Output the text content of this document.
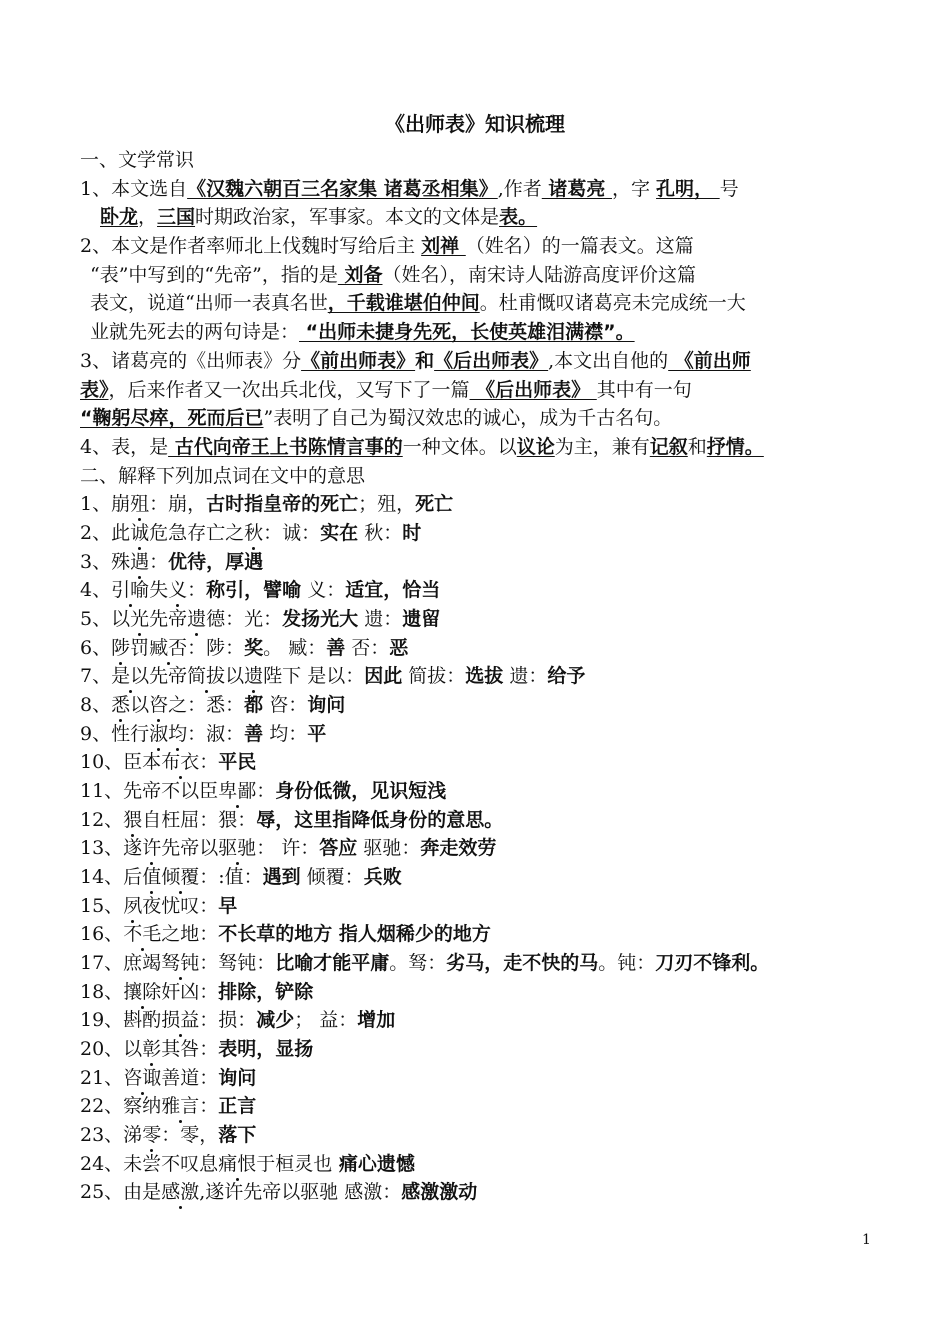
《出师表》知识梳理
一、文学常识
1、本文选自《汉魏六朝百三名家集 诸葛丞相集》,作者 诸葛亮 ，字 孔明， 号
卧龙，三国时期政治家，军事家。本文的文体是表。
2、本文是作者率师北上伐魏时写给后主 刘禅 （姓名）的一篇表文。这篇
“表”中写到的“先帝”，指的是 刘备（姓名），南宋诗人陆游高度评价这篇
表文，说道“出师一表真名世，千载谁堪伯仲间。杜甫慨叹诸葛亮未完成统一大
业就先死去的两句诗是： “出师未捷身先死，长使英雄泪满襟”。
3、诸葛亮的《出师表》分《前出师表》和《后出师表》,本文出自他的 《前出师
表》，后来作者又一次出兵北伐，又写下了一篇 《后出师表》 其中有一句
“鞠躬尽瘁，死而后已”表明了自己为蜀汉效忠的诚心，成为千古名句。
4、表，是 古代向帝王上书陈情言事的一种文体。以议论为主，兼有记叙和抒情。
二、解释下列加点词在文中的意思
1、崩殂：崩，古时指皇帝的死亡；殂，死亡
2、此诚危急存亡之秋：诚：实在 秋：时
3、殊遇：优待，厚遇
4、引喻失义：称引，譬喻 义：适宜，恰当
5、以光先帝遗德：光：发扬光大 遗：遗留
6、陟罚臧否：陟：奖。 臧：善 否：恶
7、是以先帝简拔以遗陛下 是以：因此 简拔：选拔 遗：给予
8、悉以咨之：悉：都 咨：询问
9、性行淑均：淑：善 均：平
10、臣本布衣：平民
11、先帝不以臣卑鄙：身份低微，见识短浅
12、猥自枉屈：猥：辱，这里指降低身份的意思。
13、遂许先帝以驱驰： 许：答应 驱驰：奔走效劳
14、后值倾覆：:值：遇到 倾覆：兵败
15、夙夜忧叹：早
16、不毛之地：不长草的地方 指人烟稀少的地方
17、庶竭驽钝：驽钝：比喻才能平庸。驽：劣马，走不快的马。钝：刀刃不锋利。
18、攘除奸凶：排除，铲除
19、斟酌损益：损：减少； 益：增加
20、以彰其咎：表明，显扬
21、咨诹善道：询问
22、察纳雅言：正言
23、涕零：零，落下
24、未尝不叹息痛恨于桓灵也 痛心遗憾
25、由是感激,遂许先帝以驱驰 感激：感激激动
1
